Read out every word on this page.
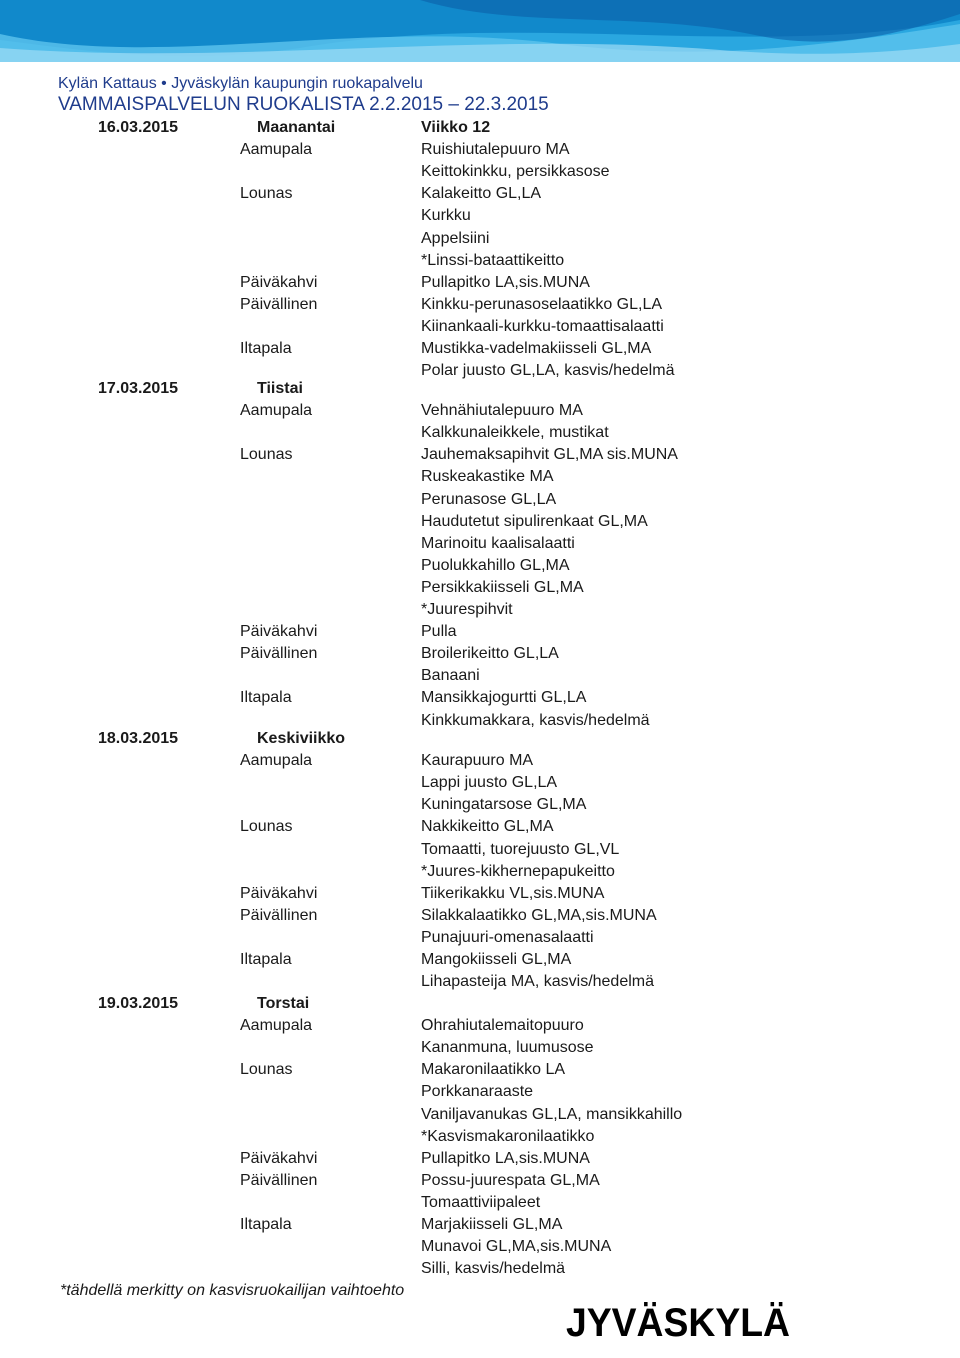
Kylän Kattaus • Jyväskylän kaupungin ruokapalvelu
VAMMAISPALVELUN RUOKALISTA 2.2.2015 – 22.3.2015
16.03.2015	Maanantai	Viikko 12
Aamupala	Ruishiutalepuuro MA
Keittokinkku, persikkasose
Lounas	Kalakeitto GL,LA
Kurkku
Appelsiini
*Linssi-bataattikeitto
Päiväkahvi	Pullapitko LA,sis.MUNA
Päivällinen	Kinkku-perunasoselaatikko GL,LA
Kiinankaali-kurkku-tomaattisalaatti
Iltapala	Mustikka-vadelmakiisseli GL,MA
Polar juusto GL,LA, kasvis/hedelmä
17.03.2015	Tiistai
Aamupala	Vehnähiutalepuuro MA
Kalkkunaleikkele, mustikat
Lounas	Jauhemaksapihvit GL,MA sis.MUNA
Ruskeakastike MA
Perunasose GL,LA
Haudutetut sipulirenkaat GL,MA
Marinoitu kaalisalaatti
Puolukkahillo GL,MA
Persikkakiisseli GL,MA
*Juurespihvit
Päiväkahvi	Pulla
Päivällinen	Broilerikeitto GL,LA
Banaani
Iltapala	Mansikkajogurtti GL,LA
Kinkkumakkara, kasvis/hedelmä
18.03.2015	Keskiviikko
Aamupala	Kaurapuuro MA
Lappi juusto GL,LA
Kuningatarsose GL,MA
Lounas	Nakkikeitto GL,MA
Tomaatti, tuorejuusto GL,VL
*Juures-kikhernepapukeitto
Päiväkahvi	Tiikerikakku VL,sis.MUNA
Päivällinen	Silakkalaatikko GL,MA,sis.MUNA
Punajuuri-omenasalaatti
Iltapala	Mangokiisseli GL,MA
Lihapasteija MA, kasvis/hedelmä
19.03.2015	Torstai
Aamupala	Ohrahiutalemaitopuuro
Kananmuna, luumusose
Lounas	Makaronilaatikko LA
Porkkanaraaste
Vaniljavanukas GL,LA, mansikkahillo
*Kasvismakaronilaatikko
Päiväkahvi	Pullapitko LA,sis.MUNA
Päivällinen	Possu-juurespata GL,MA
Tomaattiviipaleet
Iltapala	Marjakiisseli GL,MA
Munavoi GL,MA,sis.MUNA
Silli, kasvis/hedelmä
*tähdellä merkitty on kasvisruokailijan vaihtoehto
JYVÄSKYLÄ
